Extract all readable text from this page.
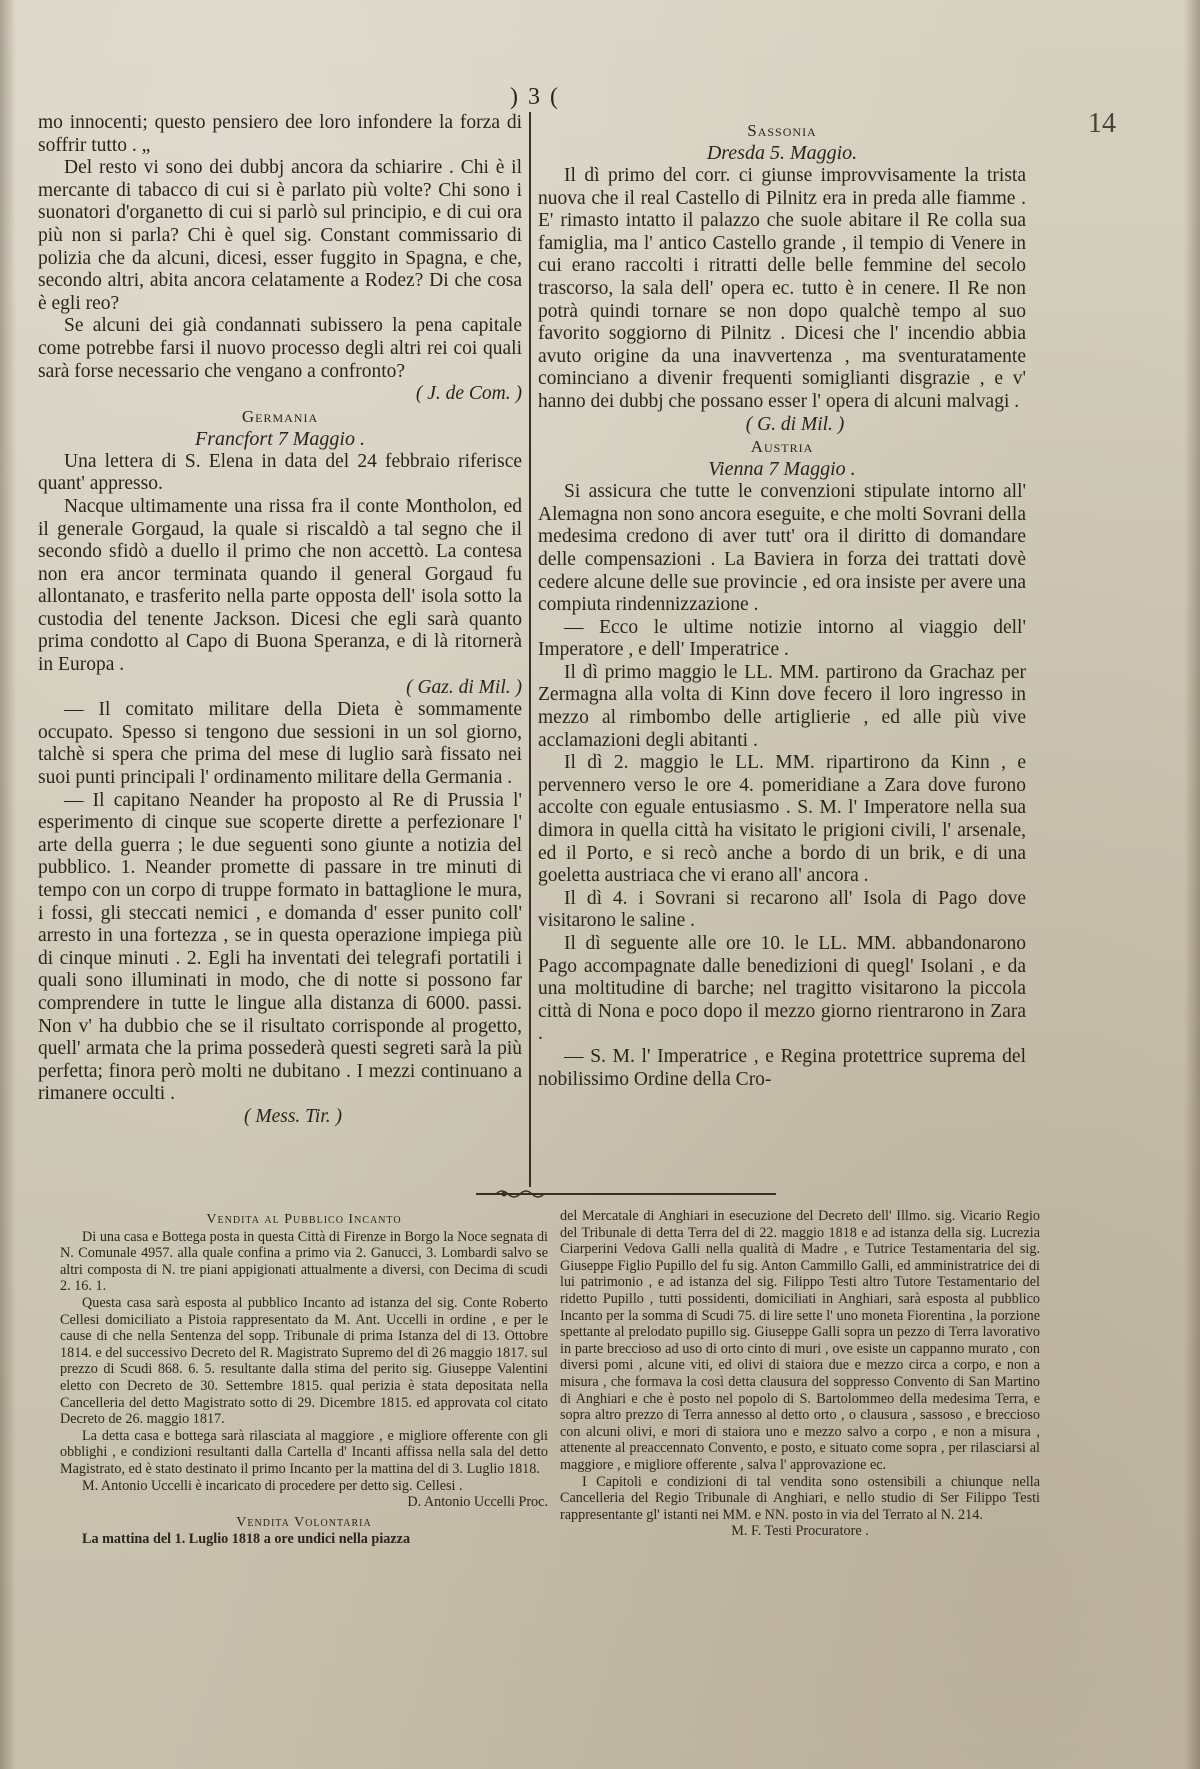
) 3 (
14

mo innocenti; questo pensiero dee loro infondere la forza di soffrir tutto . „

Del resto vi sono dei dubbj ancora da schiarire . Chi è il mercante di tabacco di cui si è parlato più volte? Chi sono i suonatori d'organetto di cui si parlò sul principio, e di cui ora più non si parla? Chi è quel sig. Constant commissario di polizia che da alcuni, dicesi, esser fuggito in Spagna, e che, secondo altri, abita ancora celatamente a Rodez? Di che cosa è egli reo?

Se alcuni dei già condannati subissero la pena capitale come potrebbe farsi il nuovo processo degli altri rei coi quali sarà forse necessario che vengano a confronto?

( J. de Com. )

Germania

Francfort 7 Maggio .

Una lettera di S. Elena in data del 24 febbraio riferisce quant' appresso.

Nacque ultimamente una rissa fra il conte Montholon, ed il generale Gorgaud, la quale si riscaldò a tal segno che il secondo sfidò a duello il primo che non accettò. La contesa non era ancor terminata quando il general Gorgaud fu allontanato, e trasferito nella parte opposta dell' isola sotto la custodia del tenente Jackson. Dicesi che egli sarà quanto prima condotto al Capo di Buona Speranza, e di là ritornerà in Europa .

( Gaz. di Mil. )

— Il comitato militare della Dieta è sommamente occupato. Spesso si tengono due sessioni in un sol giorno, talchè si spera che prima del mese di luglio sarà fissato nei suoi punti principali l' ordinamento militare della Germania .

— Il capitano Neander ha proposto al Re di Prussia l' esperimento di cinque sue scoperte dirette a perfezionare l' arte della guerra ; le due seguenti sono giunte a notizia del pubblico. 1. Neander promette di passare in tre minuti di tempo con un corpo di truppe formato in battaglione le mura, i fossi, gli steccati nemici , e domanda d' esser punito coll' arresto in una fortezza , se in questa operazione impiega più di cinque minuti . 2. Egli ha inventati dei telegrafi portatili i quali sono illuminati in modo, che di notte si possono far comprendere in tutte le lingue alla distanza di 6000. passi. Non v' ha dubbio che se il risultato corrisponde al progetto, quell' armata che la prima possederà questi segreti sarà la più perfetta; finora però molti ne dubitano . I mezzi continuano a rimanere occulti .

( Mess. Tir. )

Sassonia

Dresda 5. Maggio.

Il dì primo del corr. ci giunse improvvisamente la trista nuova che il real Castello di Pilnitz era in preda alle fiamme . E' rimasto intatto il palazzo che suole abitare il Re colla sua famiglia, ma l' antico Castello grande , il tempio di Venere in cui erano raccolti i ritratti delle belle femmine del secolo trascorso, la sala dell' opera ec. tutto è in cenere. Il Re non potrà quindi tornare se non dopo qualchè tempo al suo favorito soggiorno di Pilnitz . Dicesi che l' incendio abbia avuto origine da una inavvertenza , ma sventuratamente cominciano a divenir frequenti somiglianti disgrazie , e v' hanno dei dubbj che possano esser l' opera di alcuni malvagi .

( G. di Mil. )

Austria

Vienna 7 Maggio .

Si assicura che tutte le convenzioni stipulate intorno all' Alemagna non sono ancora eseguite, e che molti Sovrani della medesima credono di aver tutt' ora il diritto di domandare delle compensazioni . La Baviera in forza dei trattati dovè cedere alcune delle sue provincie , ed ora insiste per avere una compiuta rindennizzazione .

— Ecco le ultime notizie intorno al viaggio dell' Imperatore , e dell' Imperatrice .

Il dì primo maggio le LL. MM. partirono da Grachaz per Zermagna alla volta di Kinn dove fecero il loro ingresso in mezzo al rimbombo delle artiglierie , ed alle più vive acclamazioni degli abitanti .

Il dì 2. maggio le LL. MM. ripartirono da Kinn , e pervennero verso le ore 4. pomeridiane a Zara dove furono accolte con eguale entusiasmo . S. M. l' Imperatore nella sua dimora in quella città ha visitato le prigioni civili, l' arsenale, ed il Porto, e si recò anche a bordo di un brik, e di una goeletta austriaca che vi erano all' ancora .

Il dì 4. i Sovrani si recarono all' Isola di Pago dove visitarono le saline .

Il dì seguente alle ore 10. le LL. MM. abbandonarono Pago accompagnate dalle benedizioni di quegl' Isolani , e da una moltitudine di barche; nel tragitto visitarono la piccola città di Nona e poco dopo il mezzo giorno rientrarono in Zara .

— S. M. l' Imperatrice , e Regina protettrice suprema del nobilissimo Ordine della Cro-

Vendita al Pubblico Incanto

Di una casa e Bottega posta in questa Città di Firenze in Borgo la Noce segnata di N. Comunale 4957. alla quale confina a primo via 2. Ganucci, 3. Lombardi salvo se altri composta di N. tre piani appigionati attualmente a diversi, con Decima di scudi 2. 16. 1.

Questa casa sarà esposta al pubblico Incanto ad istanza del sig. Conte Roberto Cellesi domiciliato a Pistoia rappresentato da M. Ant. Uccelli in ordine , e per le cause di che nella Sentenza del sopp. Tribunale di prima Istanza del di 13. Ottobre 1814. e del successivo Decreto del R. Magistrato Supremo del dì 26 maggio 1817. sul prezzo di Scudi 868. 6. 5. resultante dalla stima del perito sig. Giuseppe Valentini eletto con Decreto de 30. Settembre 1815. qual perizia è stata depositata nella Cancelleria del detto Magistrato sotto di 29. Dicembre 1815. ed approvata col citato Decreto de 26. maggio 1817.

La detta casa e bottega sarà rilasciata al maggiore , e migliore offerente con gli obblighi , e condizioni resultanti dalla Cartella d' Incanti affissa nella sala del detto Magistrato, ed è stato destinato il primo Incanto per la mattina del di 3. Luglio 1818.

M. Antonio Uccelli è incaricato di procedere per detto sig. Cellesi .

D. Antonio Uccelli Proc.

Vendita Volontaria

La mattina del 1. Luglio 1818 a ore undici nella piazza

del Mercatale di Anghiari in esecuzione del Decreto dell' Illmo. sig. Vicario Regio del Tribunale di detta Terra del di 22. maggio 1818 e ad istanza della sig. Lucrezia Ciarperini Vedova Galli nella qualità di Madre , e Tutrice Testamentaria del sig. Giuseppe Figlio Pupillo del fu sig. Anton Cammillo Galli, ed amministratrice dei di lui patrimonio , e ad istanza del sig. Filippo Testi altro Tutore Testamentario del ridetto Pupillo , tutti possidenti, domiciliati in Anghiari, sarà esposta al pubblico Incanto per la somma di Scudi 75. di lire sette l' uno moneta Fiorentina , la porzione spettante al prelodato pupillo sig. Giuseppe Galli sopra un pezzo di Terra lavorativo in parte breccioso ad uso di orto cinto di muri , ove esiste un cappanno murato , con diversi pomi , alcune viti, ed olivi di staiora due e mezzo circa a corpo, e non a misura , che formava la così detta clausura del soppresso Convento di San Martino di Anghiari e che è posto nel popolo di S. Bartolommeo della medesima Terra, e sopra altro prezzo di Terra annesso al detto orto , o clausura , sassoso , e breccioso con alcuni olivi, e mori di staiora uno e mezzo salvo a corpo , e non a misura , attenente al preaccennato Convento, e posto, e situato come sopra , per rilasciarsi al maggiore , e migliore offerente , salva l' approvazione ec.

I Capitoli e condizioni di tal vendita sono ostensibili a chiunque nella Cancelleria del Regio Tribunale di Anghiari, e nello studio di Ser Filippo Testi rappresentante gl' istanti nei MM. e NN. posto in via del Terrato al N. 214.

M. F. Testi Procuratore .
